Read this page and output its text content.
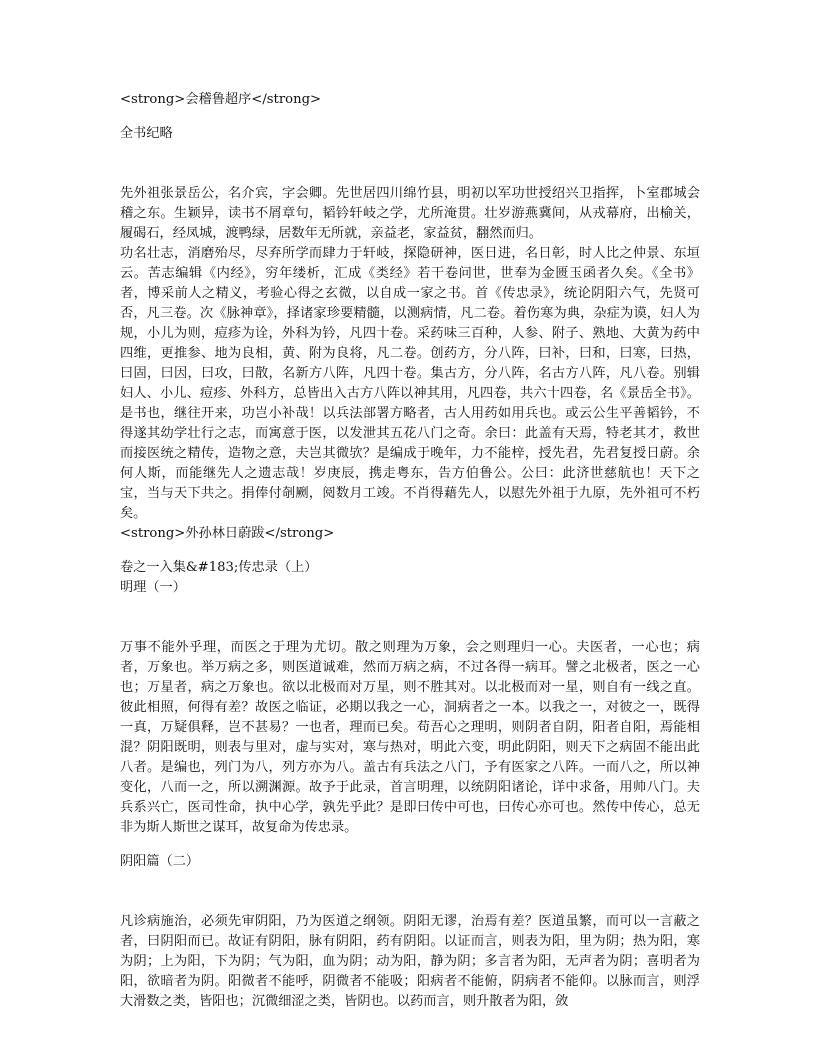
<strong>会稽鲁超序</strong>

全书纪略

先外祖张景岳公，名介宾，字会卿。先世居四川绵竹县，明初以军功世授绍兴卫指挥，卜室郡城会稽之东。生颖异，读书不屑章句，韬钤轩岐之学，尤所淹贯。壮岁游燕冀间，从戎幕府，出榆关，履碣石，经凤城，渡鸭绿，居数年无所就，亲益老，家益贫，翻然而归。

功名壮志，消磨殆尽，尽弃所学而肆力于轩岐，探隐研神，医日进，名日彰，时人比之仲景、东垣云。苦志编辑《内经》，穷年缕析，汇成《类经》若干卷问世，世奉为金匮玉函者久矣。《全书》者，博采前人之精义，考验心得之玄微，以自成一家之书。首《传忠录》，统论阴阳六气，先贤可否，凡三卷。次《脉神章》，择诸家珍要精髓，以测病情，凡二卷。着伤寒为典，杂症为谟，妇人为规，小儿为则，痘疹为诠，外科为钤，凡四十卷。采药味三百种，人参、附子、熟地、大黄为药中四维，更推参、地为良相，黄、附为良将，凡二卷。创药方，分八阵，曰补，曰和，曰寒，曰热，曰固，曰因，曰攻，曰散，名新方八阵，凡四十卷。集古方，分八阵，名古方八阵，凡八卷。别辑妇人、小儿、痘疹、外科方，总皆出入古方八阵以神其用，凡四卷，共六十四卷，名《景岳全书》。是书也，继往开来，功岂小补哉！以兵法部署方略者，古人用药如用兵也。或云公生平善韬钤，不得遂其幼学壮行之志，而寓意于医，以发泄其五花八门之奇。余曰：此盖有天焉，特老其才，救世而接医统之精传，造物之意，夫岂其微欤？是编成于晚年，力不能梓，授先君，先君复授日蔚。余何人斯，而能继先人之遗志哉！岁庚辰，携走粤东，告方伯鲁公。公曰：此济世慈航也！天下之宝，当与天下共之。捐俸付剞劂，阅数月工竣。不肖得藉先人，以慰先外祖于九原，先外祖可不朽矣。

<strong>外孙林日蔚跋</strong>

卷之一入集&#183;传忠录（上）

明理（一）

万事不能外乎理，而医之于理为尤切。散之则理为万象，会之则理归一心。夫医者，一心也；病者，万象也。举万病之多，则医道诚难，然而万病之病，不过各得一病耳。譬之北极者，医之一心也；万星者，病之万象也。欲以北极而对万星，则不胜其对。以北极而对一星，则自有一线之直。彼此相照，何得有差？故医之临证，必期以我之一心，洞病者之一本。以我之一，对彼之一，既得一真，万疑俱释，岂不甚易？一也者，理而已矣。苟吾心之理明，则阴者自阴，阳者自阳，焉能相混？阴阳既明，则表与里对，虚与实对，寒与热对，明此六变，明此阴阳，则天下之病固不能出此八者。是编也，列门为八，列方亦为八。盖古有兵法之八门，予有医家之八阵。一而八之，所以神变化，八而一之，所以溯渊源。故予于此录，首言明理，以统阴阳诸论，详中求备，用帅八门。夫兵系兴亡，医司性命，执中心学，孰先乎此？是即曰传中可也，曰传心亦可也。然传中传心，总无非为斯人斯世之谋耳，故复命为传忠录。

阴阳篇（二）

凡诊病施治，必须先审阴阳，乃为医道之纲领。阴阳无谬，治焉有差？医道虽繁，而可以一言蔽之者，曰阴阳而已。故证有阴阳，脉有阴阳，药有阴阳。以证而言，则表为阳，里为阴；热为阳，寒为阴；上为阳，下为阴；气为阳，血为阴；动为阳，静为阴；多言者为阳，无声者为阴；喜明者为阳，欲暗者为阴。阳微者不能呼，阴微者不能吸；阳病者不能俯，阴病者不能仰。以脉而言，则浮大滑数之类，皆阳也；沉微细涩之类，皆阴也。以药而言，则升散者为阳，敛
